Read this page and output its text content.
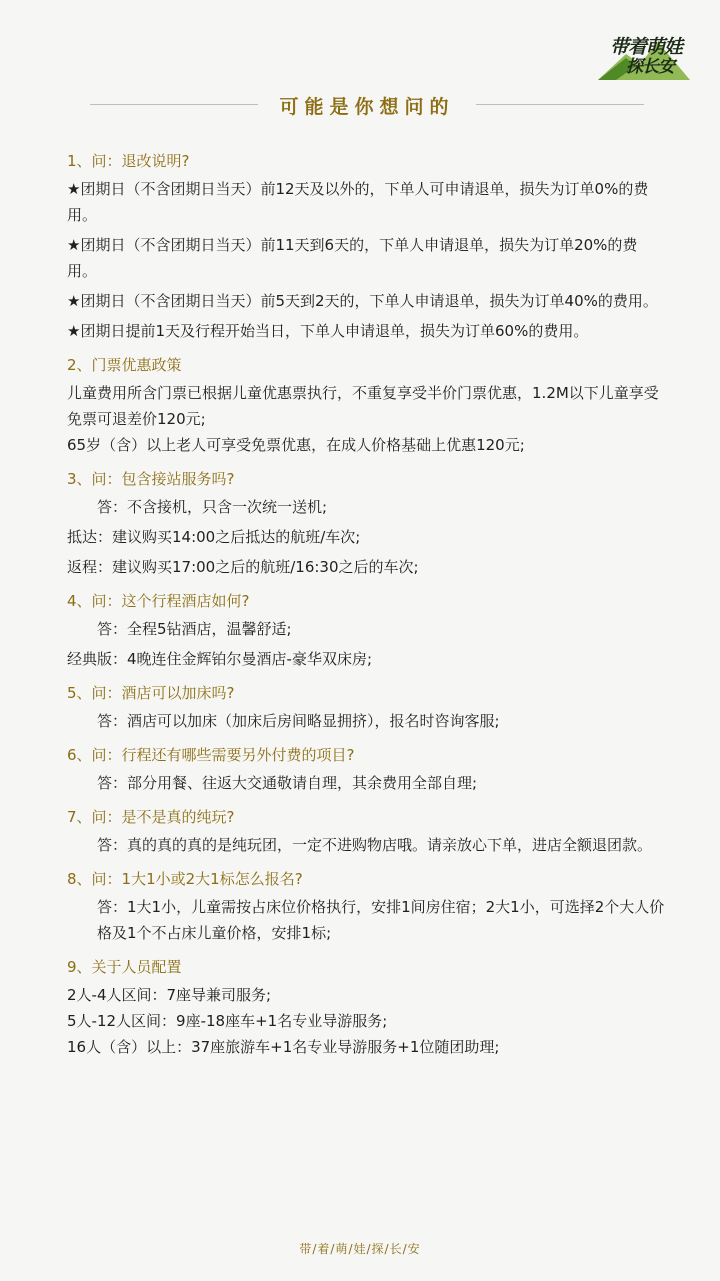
带着萌娃
探长安
可能是你想问的
1、问：退改说明?
★团期日（不含团期日当天）前12天及以外的，下单人可申请退单，损失为订单0%的费用。
★团期日（不含团期日当天）前11天到6天的，下单人申请退单，损失为订单20%的费用。
★团期日（不含团期日当天）前5天到2天的，下单人申请退单，损失为订单40%的费用。
★团期日提前1天及行程开始当日，下单人申请退单，损失为订单60%的费用。
2、门票优惠政策
儿童费用所含门票已根据儿童优惠票执行，不重复享受半价门票优惠，1.2M以下儿童享受免票可退差价120元;
65岁（含）以上老人可享受免票优惠，在成人价格基础上优惠120元;
3、问：包含接站服务吗?
答：不含接机，只含一次统一送机;
抵达：建议购买14:00之后抵达的航班/车次;
返程：建议购买17:00之后的航班/16:30之后的车次;
4、问：这个行程酒店如何?
答：全程5钻酒店，温馨舒适;
经典版：4晚连住金辉铂尔曼酒店-豪华双床房;
5、问：酒店可以加床吗?
答：酒店可以加床（加床后房间略显拥挤），报名时咨询客服;
6、问：行程还有哪些需要另外付费的项目?
答：部分用餐、往返大交通敬请自理，其余费用全部自理;
7、问：是不是真的纯玩?
答：真的真的真的是纯玩团，一定不进购物店哦。请亲放心下单，进店全额退团款。
8、问：1大1小或2大1标怎么报名?
答：1大1小，儿童需按占床位价格执行，安排1间房住宿；2大1小，可选择2个大人价格及1个不占床儿童价格，安排1标;
9、关于人员配置
2人-4人区间：7座导兼司服务;
5人-12人区间：9座-18座车+1名专业导游服务;
16人（含）以上：37座旅游车+1名专业导游服务+1位随团助理;
带/着/萌/娃/探/长/安
